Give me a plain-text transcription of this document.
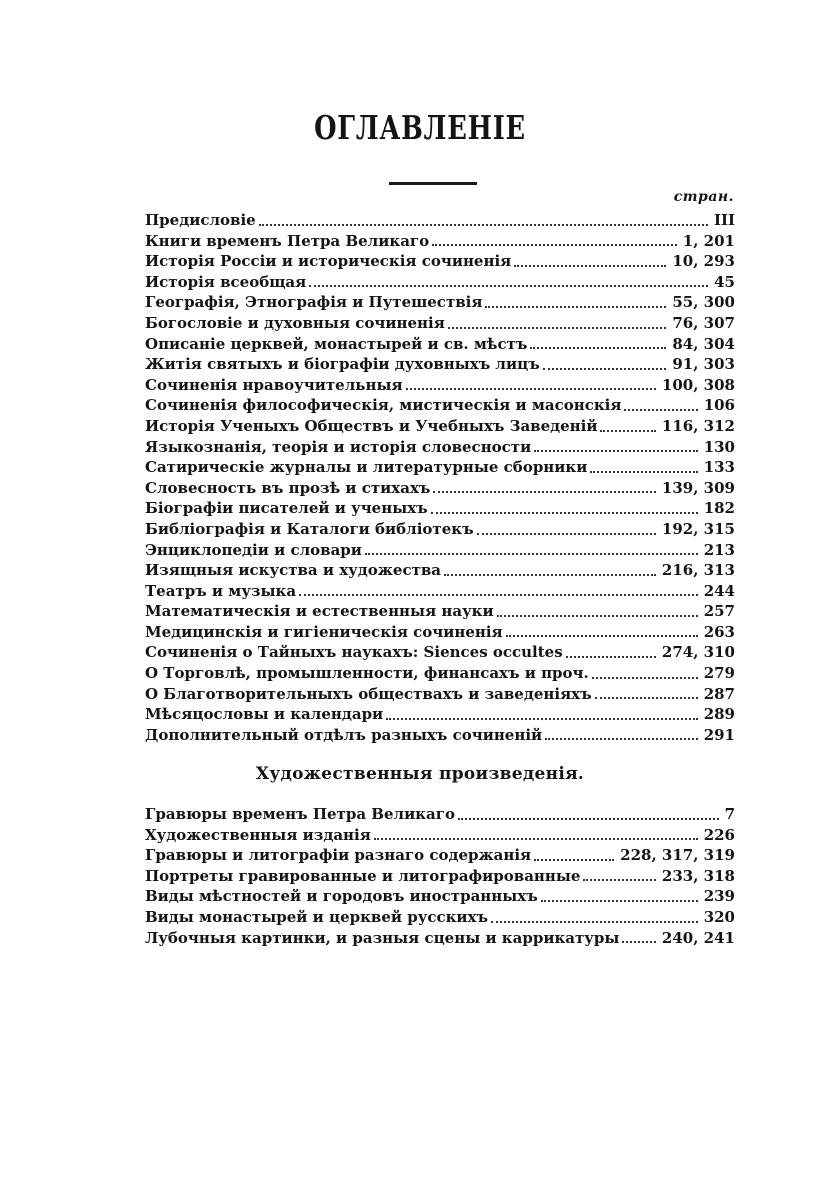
ОГЛАВЛЕНІЕ
стран.
Предисловіе	III
Книги временъ Петра Великаго	1, 201
Исторія Россіи и историческія сочиненія	10, 293
Исторія всеобщая	45
Географія, Этнографія и Путешествія	55, 300
Богословіе и духовныя сочиненія	76, 307
Описаніе церквей, монастырей и св. мѣстъ	84, 304
Житія святыхъ и біографіи духовныхъ лицъ	91, 303
Сочиненія нравоучительныя	100, 308
Сочиненія философическія, мистическія и масонскія	106
Исторія Ученыхъ Обществъ и Учебныхъ Заведеній	116, 312
Языкознанія, теорія и исторія словесности	130
Сатирическіе журналы и литературные сборники	133
Словесность въ прозѣ и стихахъ	139, 309
Біографіи писателей и ученыхъ	182
Библіографія и Каталоги библіотекъ	192, 315
Энциклопедіи и словари	213
Изящныя искуства и художества	216, 313
Театръ и музыка	244
Математическія и естественныя науки	257
Медицинскія и гигіеническія сочиненія	263
Сочиненія о Тайныхъ наукахъ: Siences occultes	274, 310
О Торговлѣ, промышленности, финансахъ и проч.	279
О Благотворительныхъ обществахъ и заведеніяхъ	287
Мѣсяцословы и календари	289
Дополнительный отдѣлъ разныхъ сочиненій	291
Художественныя произведенія.
Гравюры временъ Петра Великаго	7
Художественныя изданія	226
Гравюры и литографіи разнаго содержанія	228, 317, 319
Портреты гравированные и литографированные	233, 318
Виды мѣстностей и городовъ иностранныхъ	239
Виды монастырей и церквей русскихъ	320
Лубочныя картинки, и разныя сцены и каррикатуры	240, 241
